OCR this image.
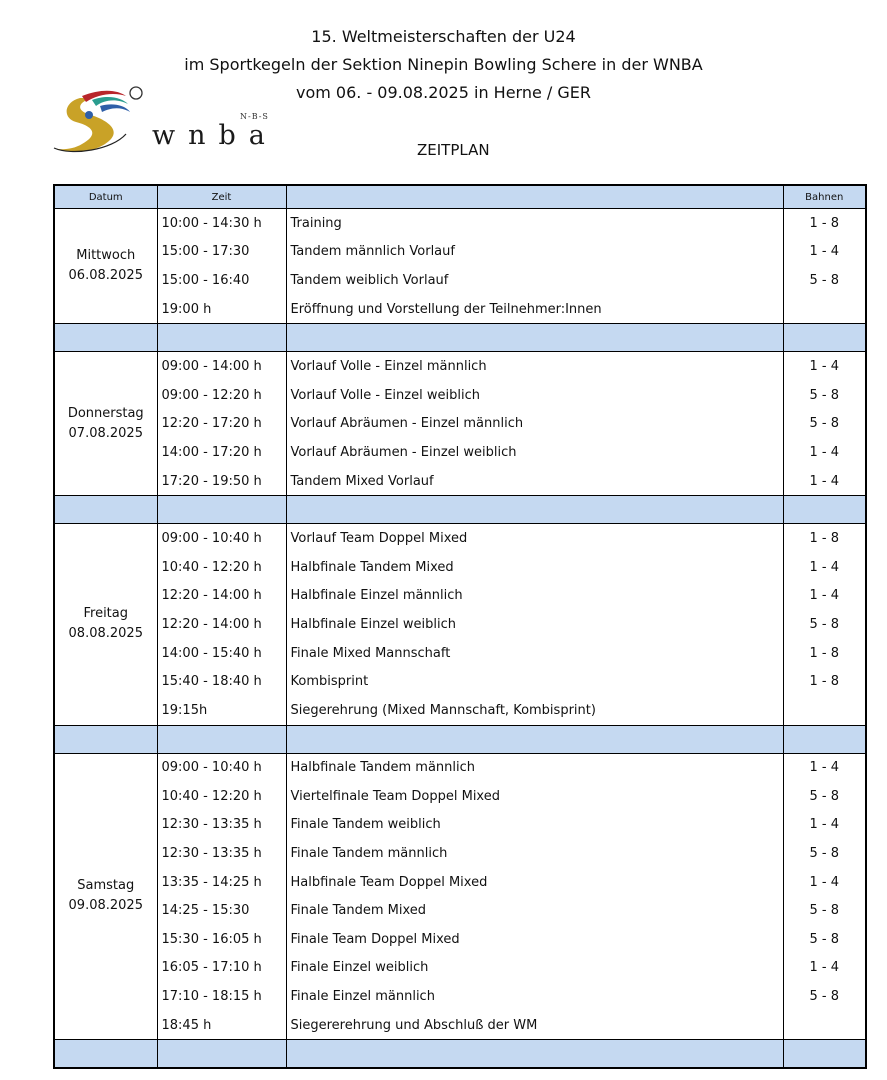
15. Weltmeisterschaften der U24
im Sportkegeln der Sektion Ninepin Bowling Schere in der WNBA
vom 06. - 09.08.2025 in Herne / GER
N-B-S
wnba	ZEITPLAN
Datum	Zeit		Bahnen

Mittwoch
06.08.2025	10:00 - 14:30 h	Training	1 - 8
	15:00 - 17:30	Tandem männlich Vorlauf	1 - 4
	15:00 - 16:40	Tandem weiblich Vorlauf	5 - 8
	19:00 h	Eröffnung und Vorstellung der Teilnehmer:Innen	

Donnerstag
07.08.2025	09:00 - 14:00 h	Vorlauf Volle - Einzel männlich	1 - 4
	09:00 - 12:20 h	Vorlauf Volle - Einzel weiblich	5 - 8
	12:20 - 17:20 h	Vorlauf Abräumen - Einzel männlich	5 - 8
	14:00 - 17:20 h	Vorlauf Abräumen - Einzel weiblich	1 - 4
	17:20 - 19:50 h	Tandem Mixed Vorlauf	1 - 4

Freitag
08.08.2025	09:00 - 10:40 h	Vorlauf Team Doppel Mixed	1 - 8
	10:40 - 12:20 h	Halbfinale Tandem Mixed	1 - 4
	12:20 - 14:00 h	Halbfinale Einzel männlich	1 - 4
	12:20 - 14:00 h	Halbfinale Einzel weiblich	5 - 8
	14:00 - 15:40 h	Finale Mixed Mannschaft	1 - 8
	15:40 - 18:40 h	Kombisprint	1 - 8
	19:15h	Siegerehrung (Mixed Mannschaft, Kombisprint)	

Samstag
09.08.2025	09:00 - 10:40 h	Halbfinale Tandem männlich	1 - 4
	10:40 - 12:20 h	Viertelfinale Team Doppel Mixed	5 - 8
	12:30 - 13:35 h	Finale Tandem weiblich	1 - 4
	12:30 - 13:35 h	Finale Tandem männlich	5 - 8
	13:35 - 14:25 h	Halbfinale Team Doppel Mixed	1 - 4
	14:25 - 15:30	Finale Tandem Mixed	5 - 8
	15:30 - 16:05 h	Finale Team Doppel Mixed	5 - 8
	16:05 - 17:10 h	Finale Einzel weiblich	1 - 4
	17:10 - 18:15 h	Finale Einzel männlich	5 - 8
	18:45 h	Siegererehrung und Abschluß der WM	
